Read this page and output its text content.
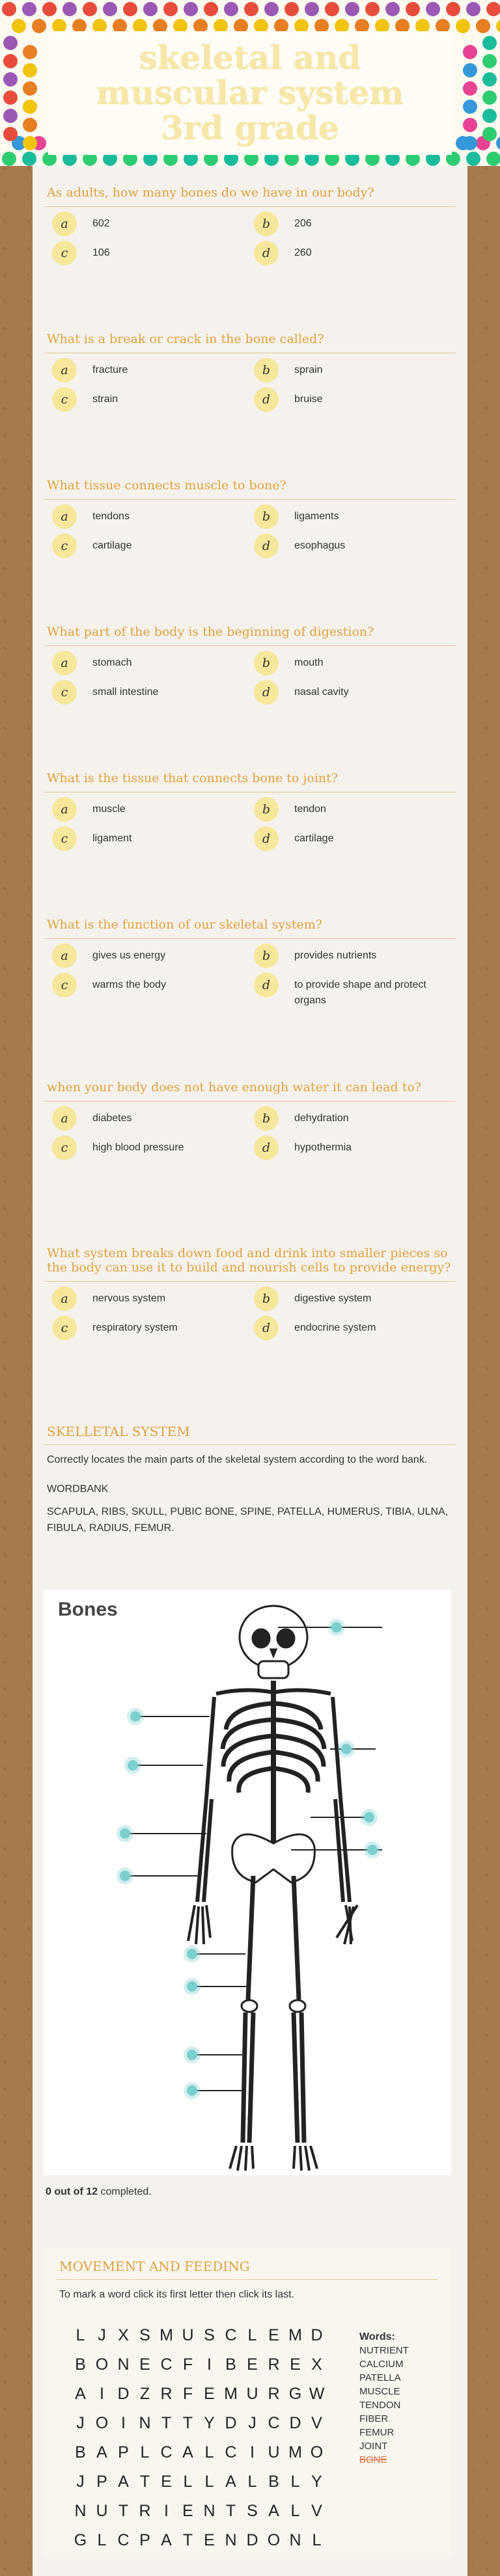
skeletal and muscular system 3rd grade
As adults, how many bones do we have in our body?
a	602	b	206
c	106	d	260
What is a break or crack in the bone called?
a	fracture	b	sprain
c	strain	d	bruise
What tissue connects muscle to bone?
a	tendons	b	ligaments
c	cartilage	d	esophagus
What part of the body is the beginning of digestion?
a	stomach	b	mouth
c	small intestine	d	nasal cavity
What is the tissue that connects bone to joint?
a	muscle	b	tendon
c	ligament	d	cartilage
What is the function of our skeletal system?
a	gives us energy	b	provides nutrients
c	warms the body	d	to provide shape and protect organs
when your body does not have enough water it can lead to?
a	diabetes	b	dehydration
c	high blood pressure	d	hypothermia
What system breaks down food and drink into smaller pieces so the body can use it to build and nourish cells to provide energy?
a	nervous system	b	digestive system
c	respiratory system	d	endocrine system
SKELLETAL SYSTEM
Correctly locates the main parts of the skeletal system according to the word bank.
WORDBANK
SCAPULA, RIBS, SKULL, PUBIC BONE, SPINE, PATELLA, HUMERUS, TIBIA, ULNA, FIBULA, RADIUS, FEMUR.
Bones
0 out of 12 completed.
MOVEMENT AND FEEDING
To mark a word click its first letter then click its last.
L J X S M U S C L E M D
B O N E C F I B E R E X
A I D Z R F E M U R G W
J O I N T T Y D J C D V
B A P L C A L C I U M O
J P A T E L L A L B L Y
N U T R I E N T S A L V
G L C P A T E N D O N L
Words:
NUTRIENT
CALCIUM
PATELLA
MUSCLE
TENDON
FIBER
FEMUR
JOINT
BONE
